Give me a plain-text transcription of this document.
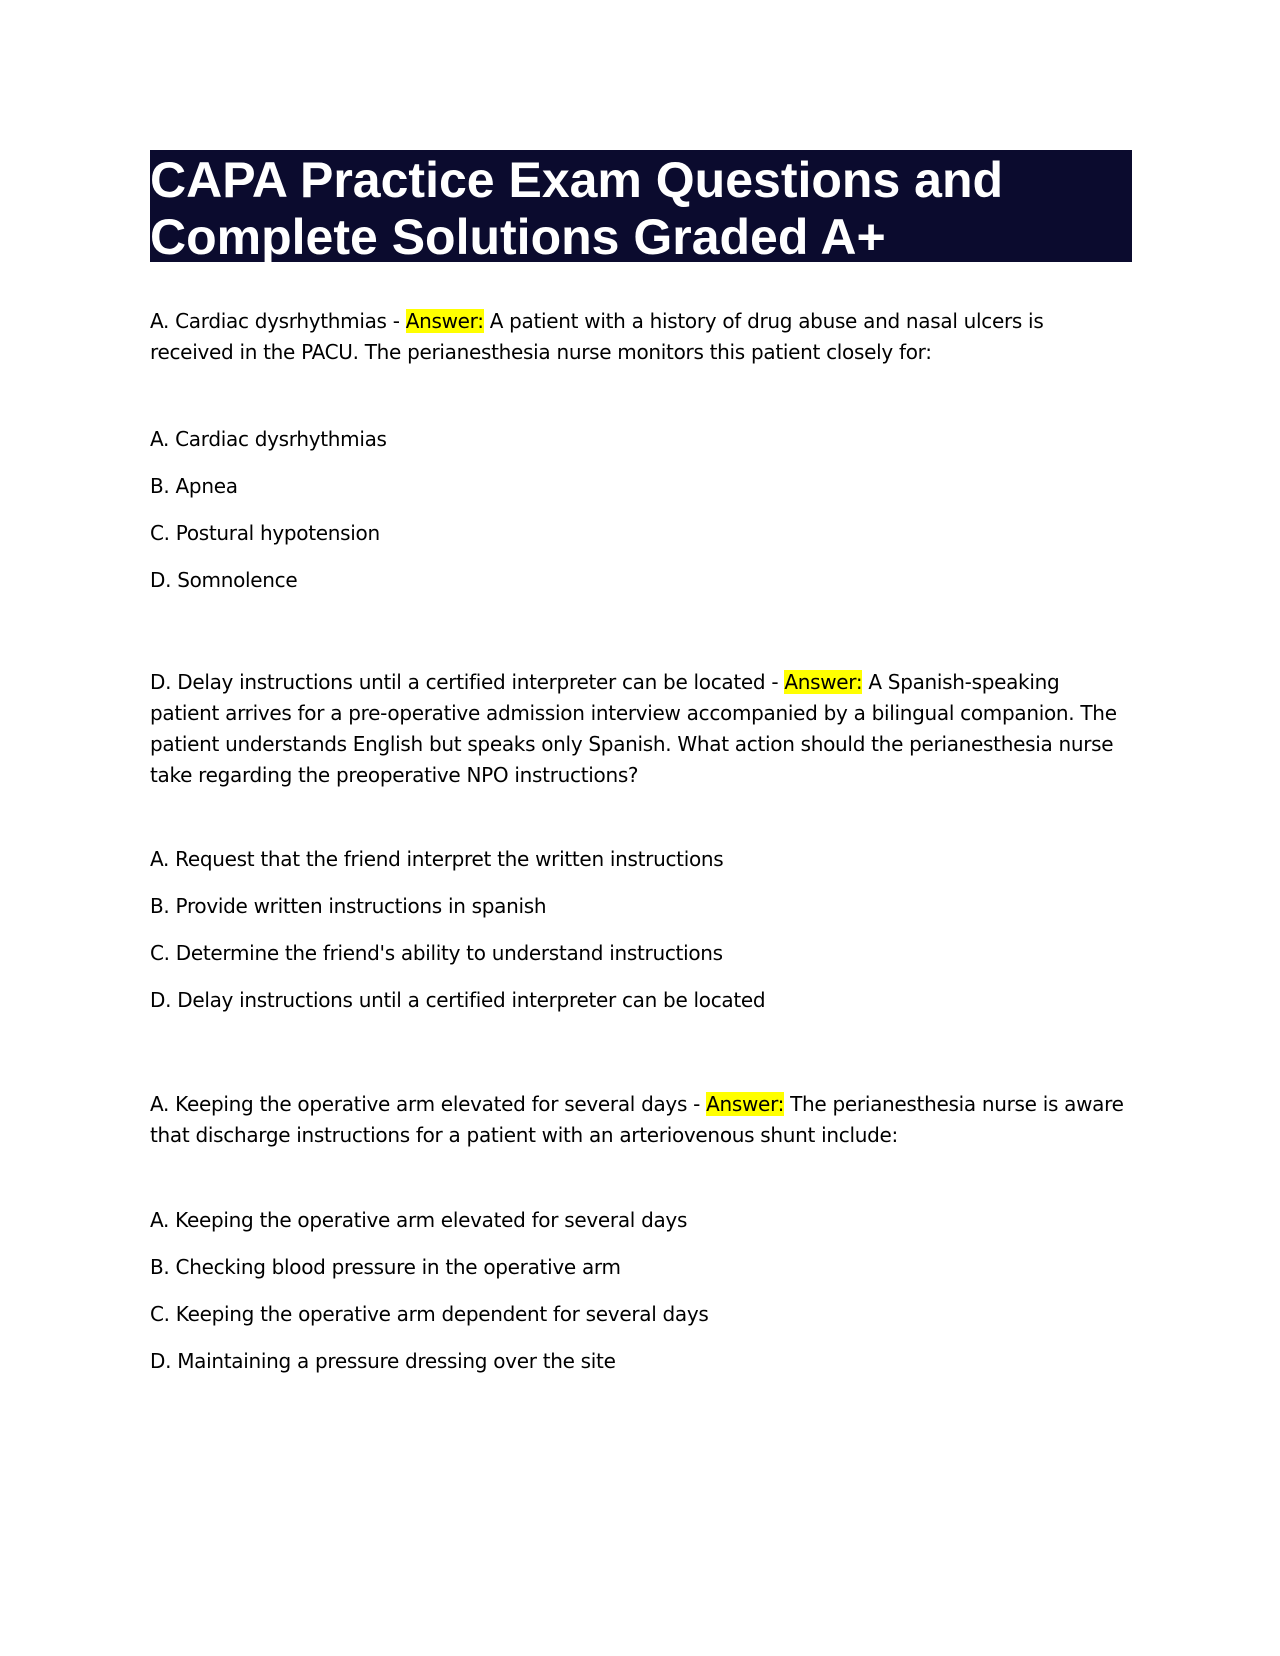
CAPA Practice Exam Questions and
Complete Solutions Graded A+

A. Cardiac dysrhythmias - Answer: A patient with a history of drug abuse and nasal ulcers is received in the PACU. The perianesthesia nurse monitors this patient closely for:

A. Cardiac dysrhythmias
B. Apnea
C. Postural hypotension
D. Somnolence

D. Delay instructions until a certified interpreter can be located - Answer: A Spanish-speaking patient arrives for a pre-operative admission interview accompanied by a bilingual companion. The patient understands English but speaks only Spanish. What action should the perianesthesia nurse take regarding the preoperative NPO instructions?

A. Request that the friend interpret the written instructions
B. Provide written instructions in spanish
C. Determine the friend's ability to understand instructions
D. Delay instructions until a certified interpreter can be located

A. Keeping the operative arm elevated for several days - Answer: The perianesthesia nurse is aware that discharge instructions for a patient with an arteriovenous shunt include:

A. Keeping the operative arm elevated for several days
B. Checking blood pressure in the operative arm
C. Keeping the operative arm dependent for several days
D. Maintaining a pressure dressing over the site
